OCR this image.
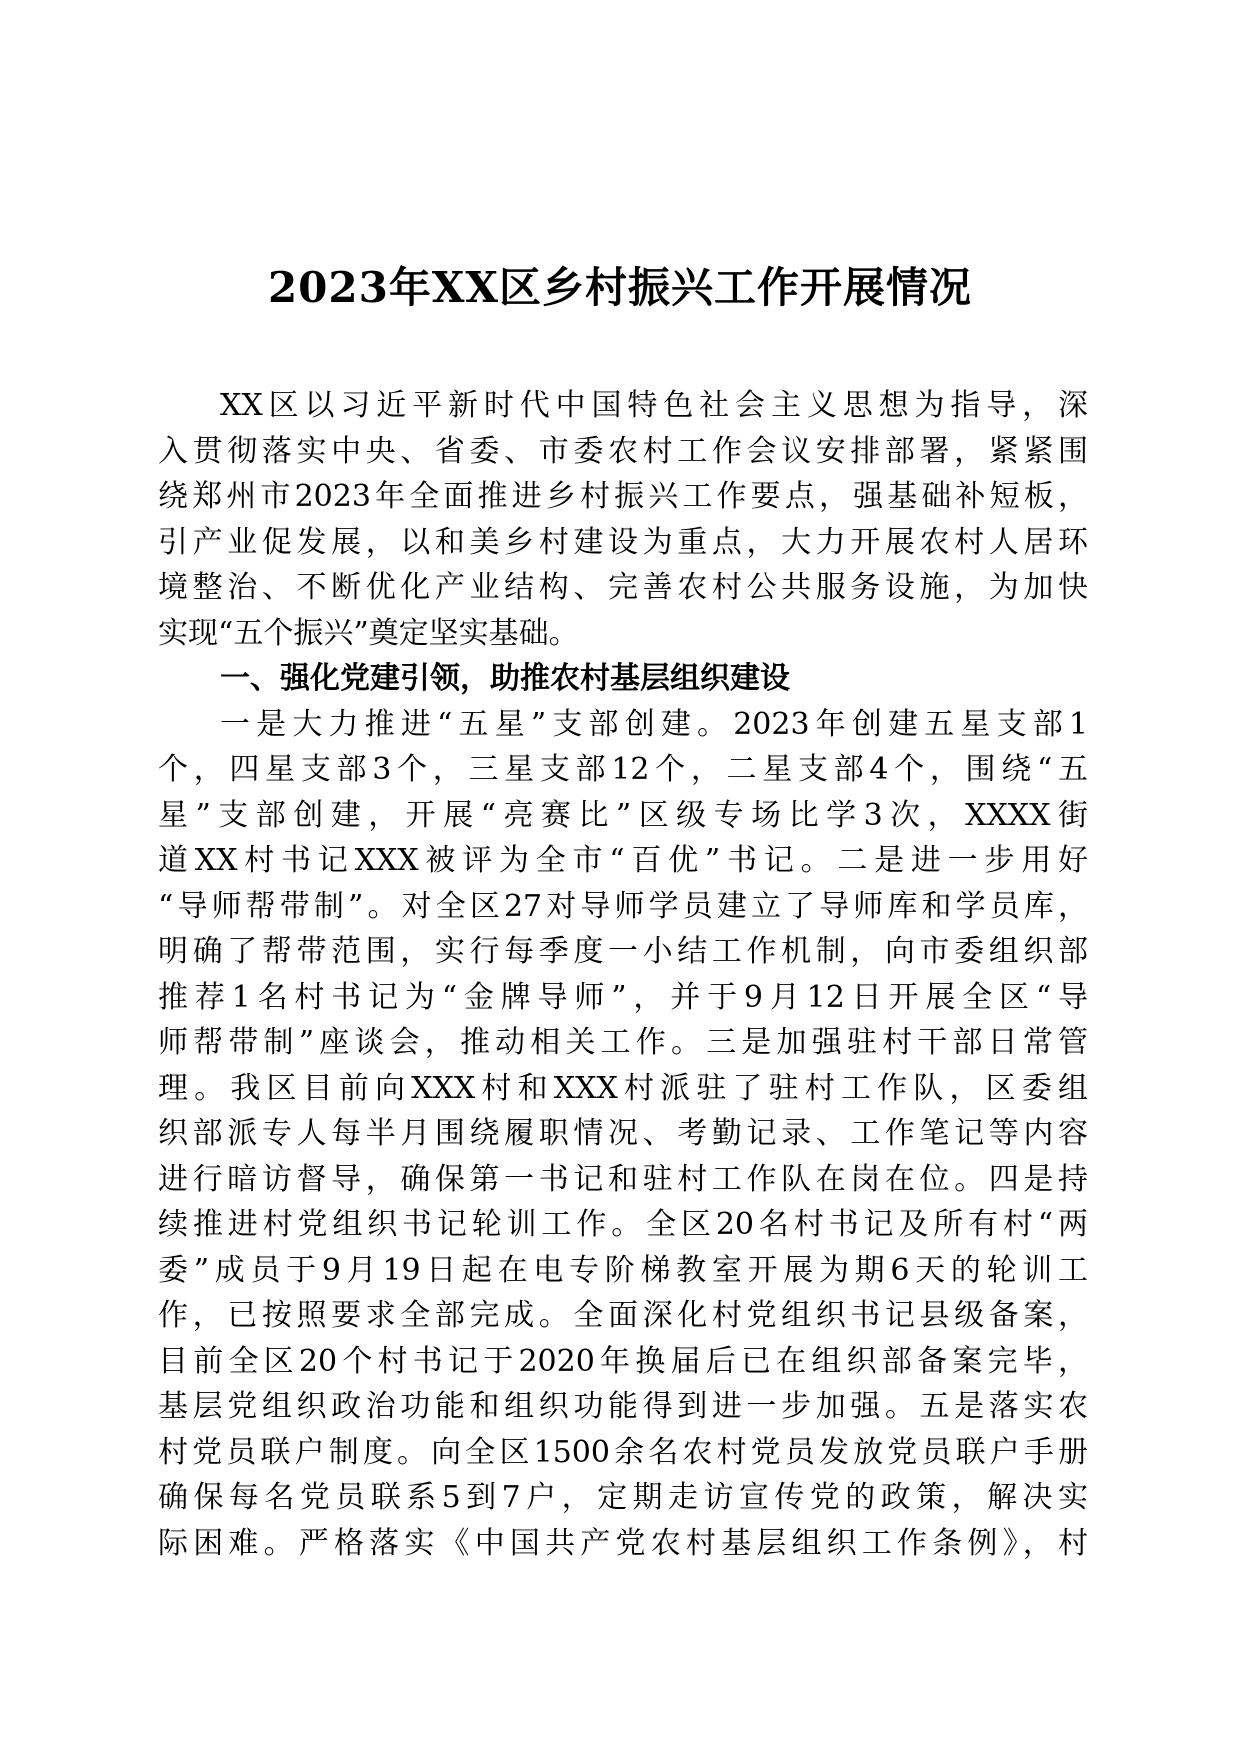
2023年XX区乡村振兴工作开展情况
XX区以习近平新时代中国特色社会主义思想为指导，深
入贯彻落实中央、省委、市委农村工作会议安排部署，紧紧围
绕郑州市2023年全面推进乡村振兴工作要点，强基础补短板，
引产业促发展，以和美乡村建设为重点，大力开展农村人居环
境整治、不断优化产业结构、完善农村公共服务设施，为加快
实现“五个振兴”奠定坚实基础。
一、强化党建引领，助推农村基层组织建设
一是大力推进“五星”支部创建。2023年创建五星支部1
个，四星支部3个，三星支部12个，二星支部4个，围绕“五
星”支部创建，开展“亮赛比”区级专场比学3次，XXXX街
道XX村书记XXX被评为全市“百优”书记。二是进一步用好
“导师帮带制”。对全区27对导师学员建立了导师库和学员库，
明确了帮带范围，实行每季度一小结工作机制，向市委组织部
推荐1名村书记为“金牌导师”，并于9月12日开展全区“导
师帮带制”座谈会，推动相关工作。三是加强驻村干部日常管
理。我区目前向XXX村和XXX村派驻了驻村工作队，区委组
织部派专人每半月围绕履职情况、考勤记录、工作笔记等内容
进行暗访督导，确保第一书记和驻村工作队在岗在位。四是持
续推进村党组织书记轮训工作。全区20名村书记及所有村“两
委”成员于9月19日起在电专阶梯教室开展为期6天的轮训工
作，已按照要求全部完成。全面深化村党组织书记县级备案，
目前全区20个村书记于2020年换届后已在组织部备案完毕，
基层党组织政治功能和组织功能得到进一步加强。五是落实农
村党员联户制度。向全区1500余名农村党员发放党员联户手册
确保每名党员联系5到7户，定期走访宣传党的政策，解决实
际困难。严格落实《中国共产党农村基层组织工作条例》，村
